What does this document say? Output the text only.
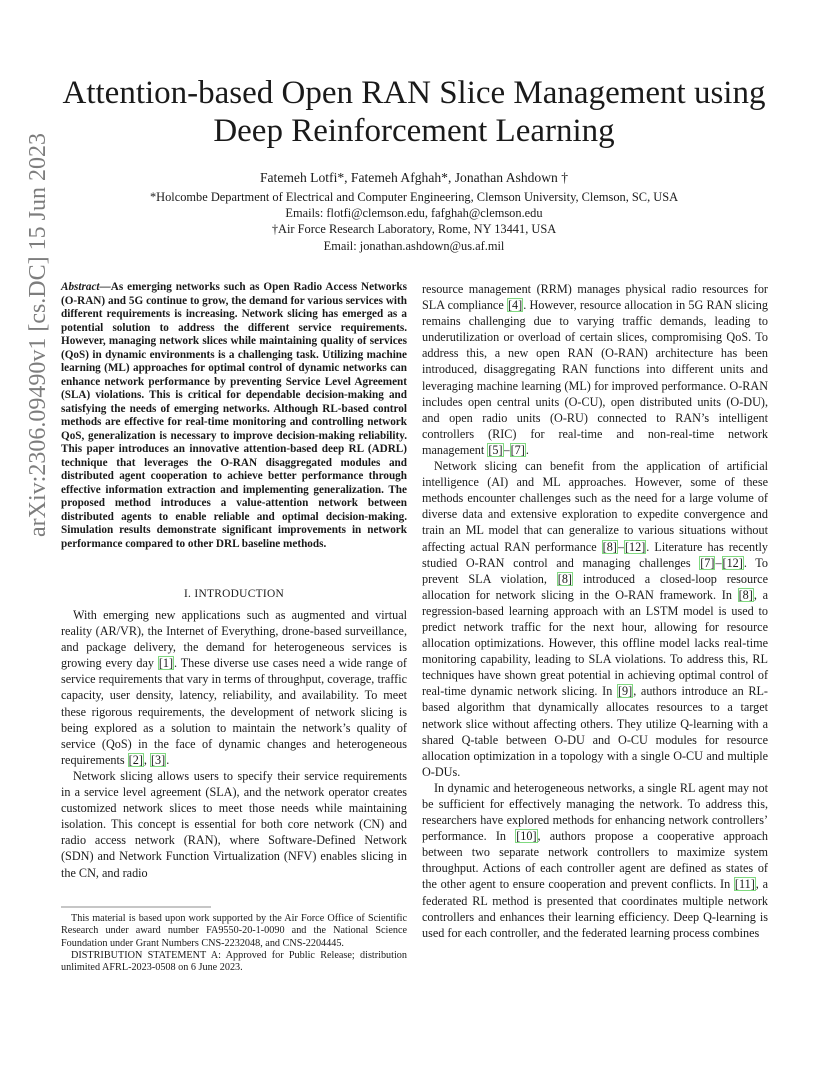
arXiv:2306.09490v1 [cs.DC] 15 Jun 2023
Attention-based Open RAN Slice Management using
Deep Reinforcement Learning
Fatemeh Lotfi*, Fatemeh Afghah*, Jonathan Ashdown †
*Holcombe Department of Electrical and Computer Engineering, Clemson University, Clemson, SC, USA
Emails: flotfi@clemson.edu, fafghah@clemson.edu
†Air Force Research Laboratory, Rome, NY 13441, USA
Email: jonathan.ashdown@us.af.mil

Abstract—As emerging networks such as Open Radio Access Networks (O-RAN) and 5G continue to grow, the demand for various services with different requirements is increasing. Network slicing has emerged as a potential solution to address the different service requirements. However, managing network slices while maintaining quality of services (QoS) in dynamic environments is a challenging task. Utilizing machine learning (ML) approaches for optimal control of dynamic networks can enhance network performance by preventing Service Level Agreement (SLA) violations. This is critical for dependable decision-making and satisfying the needs of emerging networks. Although RL-based control methods are effective for real-time monitoring and controlling network QoS, generalization is necessary to improve decision-making reliability. This paper introduces an innovative attention-based deep RL (ADRL) technique that leverages the O-RAN disaggregated modules and distributed agent cooperation to achieve better performance through effective information extraction and implementing generalization. The proposed method introduces a value-attention network between distributed agents to enable reliable and optimal decision-making. Simulation results demonstrate significant improvements in network performance compared to other DRL baseline methods.

I. INTRODUCTION

With emerging new applications such as augmented and virtual reality (AR/VR), the Internet of Everything, drone-based surveillance, and package delivery, the demand for heterogeneous services is growing every day [1]. These diverse use cases need a wide range of service requirements that vary in terms of throughput, coverage, traffic capacity, user density, latency, reliability, and availability. To meet these rigorous requirements, the development of network slicing is being explored as a solution to maintain the network’s quality of service (QoS) in the face of dynamic changes and heterogeneous requirements [2], [3].

Network slicing allows users to specify their service requirements in a service level agreement (SLA), and the network operator creates customized network slices to meet those needs while maintaining isolation. This concept is essential for both core network (CN) and radio access network (RAN), where Software-Defined Network (SDN) and Network Function Virtualization (NFV) enables slicing in the CN, and radio

This material is based upon work supported by the Air Force Office of Scientific Research under award number FA9550-20-1-0090 and the National Science Foundation under Grant Numbers CNS-2232048, and CNS-2204445.

DISTRIBUTION STATEMENT A: Approved for Public Release; distribution unlimited AFRL-2023-0508 on 6 June 2023.

resource management (RRM) manages physical radio resources for SLA compliance [4]. However, resource allocation in 5G RAN slicing remains challenging due to varying traffic demands, leading to underutilization or overload of certain slices, compromising QoS. To address this, a new open RAN (O-RAN) architecture has been introduced, disaggregating RAN functions into different units and leveraging machine learning (ML) for improved performance. O-RAN includes open central units (O-CU), open distributed units (O-DU), and open radio units (O-RU) connected to RAN’s intelligent controllers (RIC) for real-time and non-real-time network management [5]–[7].

Network slicing can benefit from the application of artificial intelligence (AI) and ML approaches. However, some of these methods encounter challenges such as the need for a large volume of diverse data and extensive exploration to expedite convergence and train an ML model that can generalize to various situations without affecting actual RAN performance [8]–[12]. Literature has recently studied O-RAN control and managing challenges [7]–[12]. To prevent SLA violation, [8] introduced a closed-loop resource allocation for network slicing in the O-RAN framework. In [8], a regression-based learning approach with an LSTM model is used to predict network traffic for the next hour, allowing for resource allocation optimizations. However, this offline model lacks real-time monitoring capability, leading to SLA violations. To address this, RL techniques have shown great potential in achieving optimal control of real-time dynamic network slicing. In [9], authors introduce an RL-based algorithm that dynamically allocates resources to a target network slice without affecting others. They utilize Q-learning with a shared Q-table between O-DU and O-CU modules for resource allocation optimization in a topology with a single O-CU and multiple O-DUs.

In dynamic and heterogeneous networks, a single RL agent may not be sufficient for effectively managing the network. To address this, researchers have explored methods for enhancing network controllers’ performance. In [10], authors propose a cooperative approach between two separate network controllers to maximize system throughput. Actions of each controller agent are defined as states of the other agent to ensure cooperation and prevent conflicts. In [11], a federated RL method is presented that coordinates multiple network controllers and enhances their learning efficiency. Deep Q-learning is used for each controller, and the federated learning process combines
